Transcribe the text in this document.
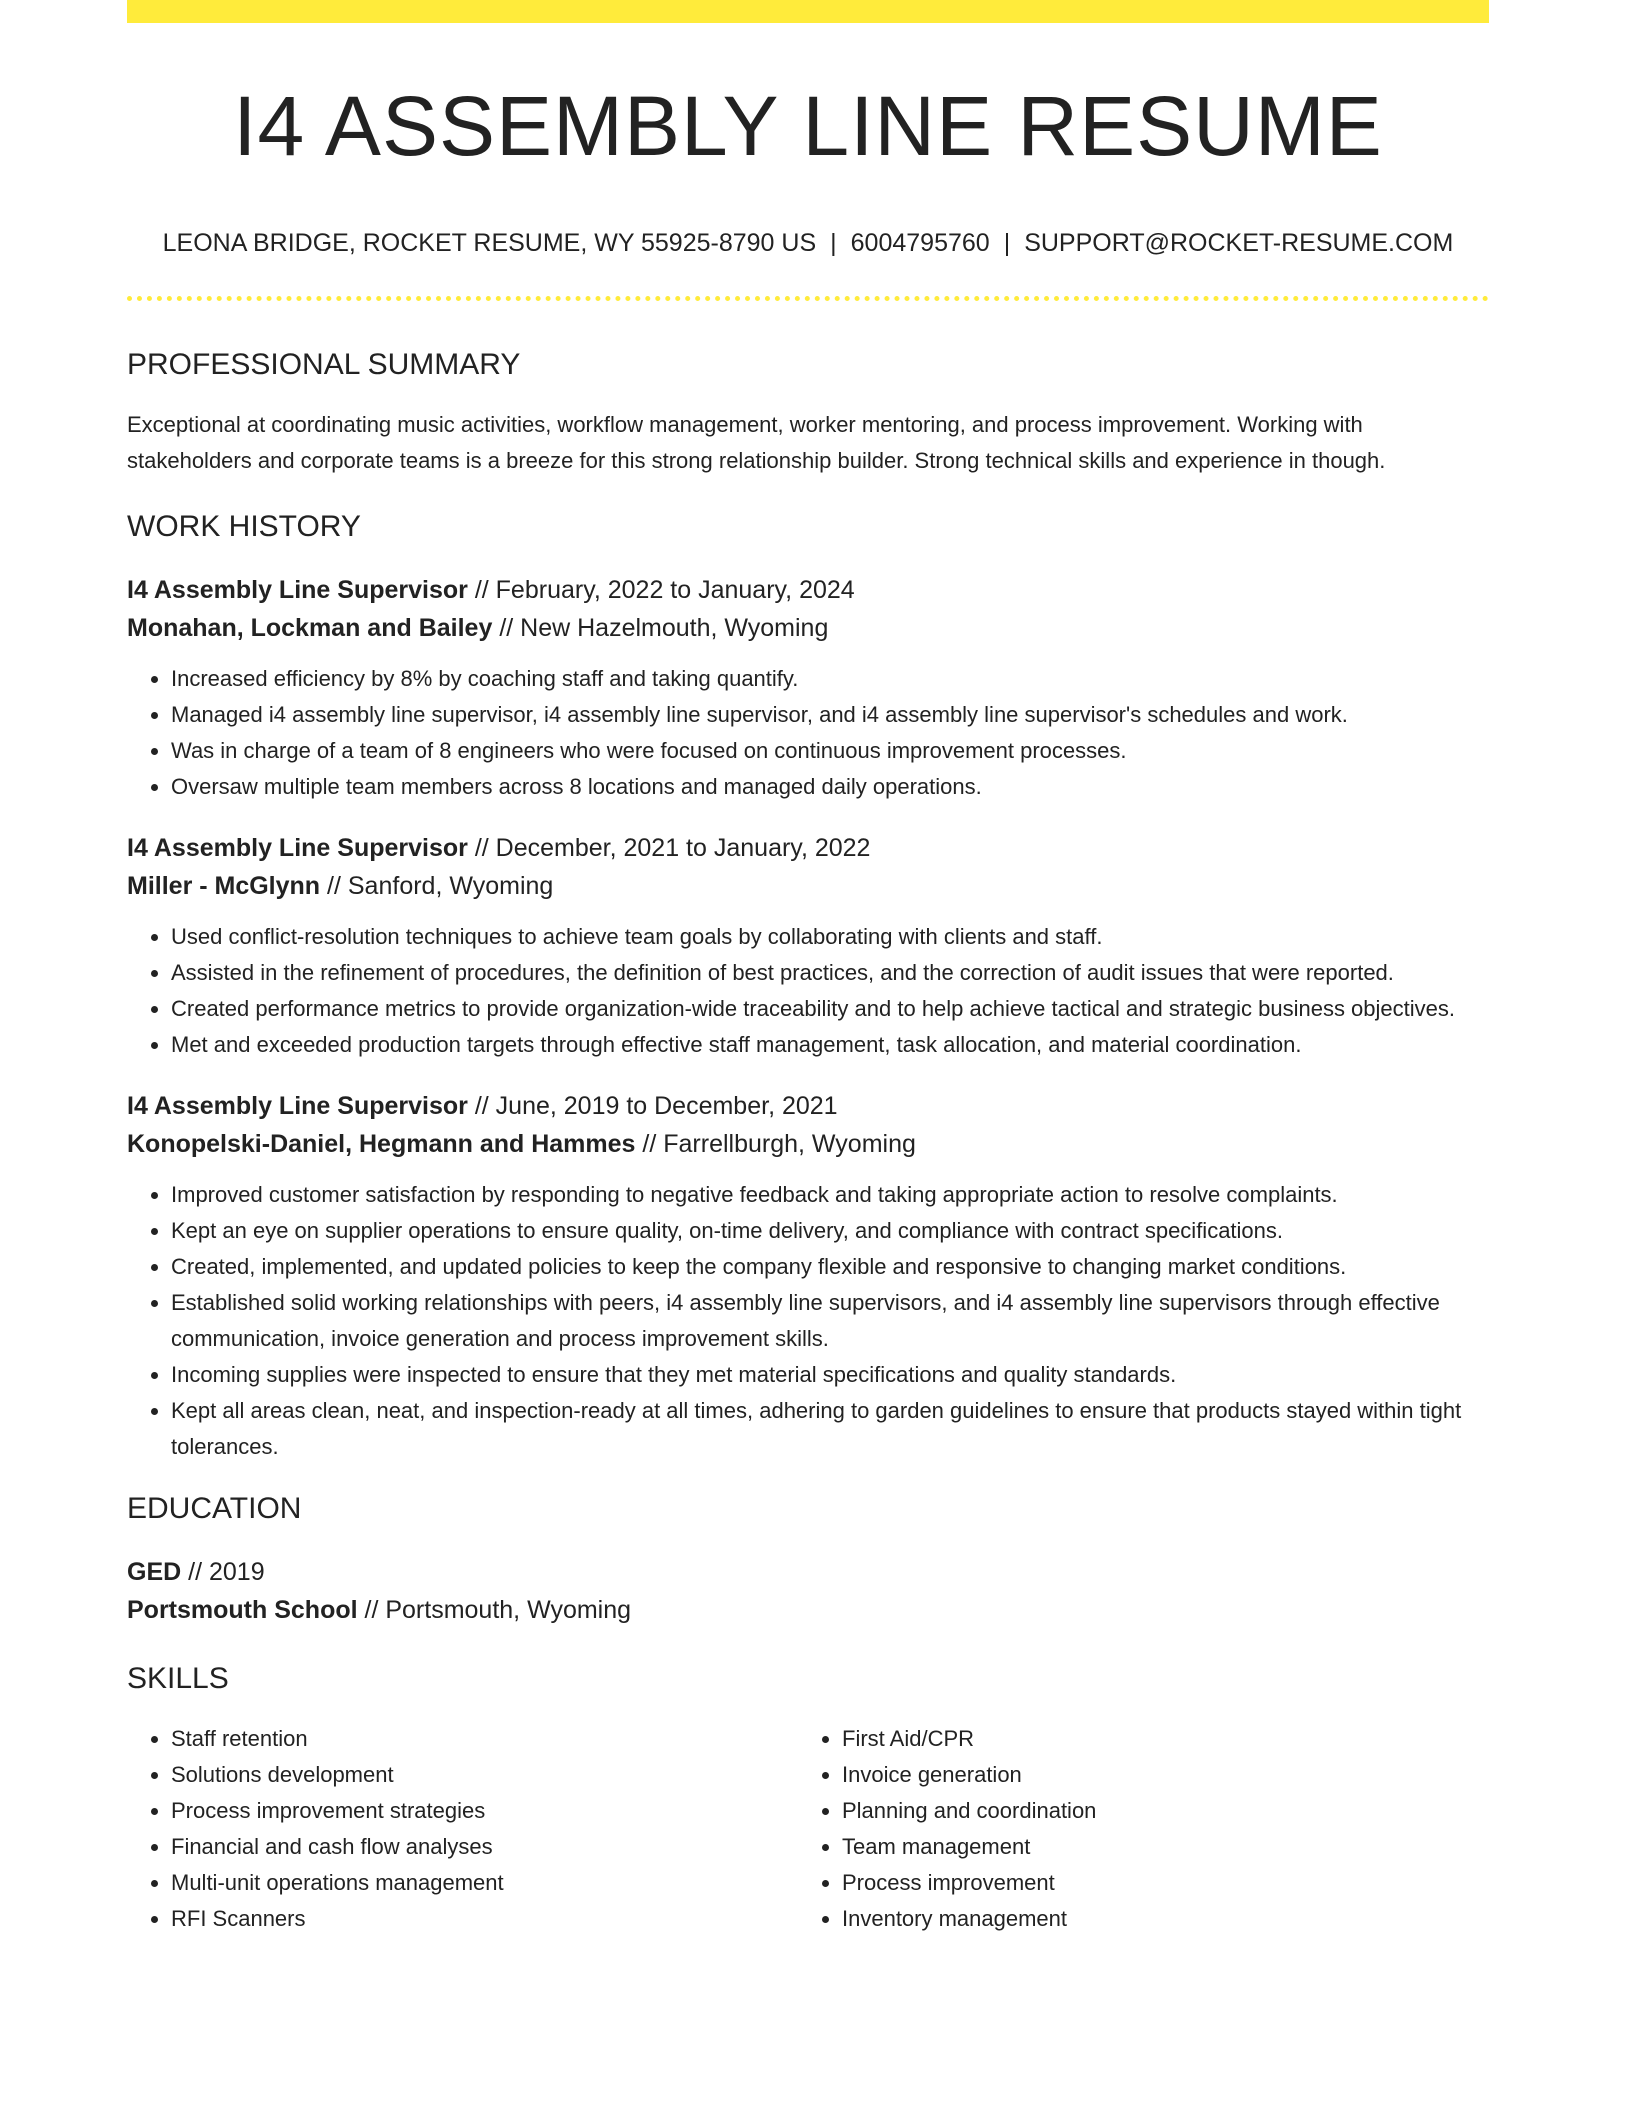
I4 ASSEMBLY LINE RESUME
LEONA BRIDGE, ROCKET RESUME, WY 55925-8790 US | 6004795760 | SUPPORT@ROCKET-RESUME.COM
PROFESSIONAL SUMMARY

Exceptional at coordinating music activities, workflow management, worker mentoring, and process improvement. Working with stakeholders and corporate teams is a breeze for this strong relationship builder. Strong technical skills and experience in though.

WORK HISTORY
I4 Assembly Line Supervisor // February, 2022 to January, 2024
Monahan, Lockman and Bailey // New Hazelmouth, Wyoming
• Increased efficiency by 8% by coaching staff and taking quantify.
• Managed i4 assembly line supervisor, i4 assembly line supervisor, and i4 assembly line supervisor's schedules and work.
• Was in charge of a team of 8 engineers who were focused on continuous improvement processes.
• Oversaw multiple team members across 8 locations and managed daily operations.
I4 Assembly Line Supervisor // December, 2021 to January, 2022
Miller - McGlynn // Sanford, Wyoming
• Used conflict-resolution techniques to achieve team goals by collaborating with clients and staff.
• Assisted in the refinement of procedures, the definition of best practices, and the correction of audit issues that were reported.
• Created performance metrics to provide organization-wide traceability and to help achieve tactical and strategic business objectives.
• Met and exceeded production targets through effective staff management, task allocation, and material coordination.
I4 Assembly Line Supervisor // June, 2019 to December, 2021
Konopelski-Daniel, Hegmann and Hammes // Farrellburgh, Wyoming
• Improved customer satisfaction by responding to negative feedback and taking appropriate action to resolve complaints.
• Kept an eye on supplier operations to ensure quality, on-time delivery, and compliance with contract specifications.
• Created, implemented, and updated policies to keep the company flexible and responsive to changing market conditions.
• Established solid working relationships with peers, i4 assembly line supervisors, and i4 assembly line supervisors through effective communication, invoice generation and process improvement skills.
• Incoming supplies were inspected to ensure that they met material specifications and quality standards.
• Kept all areas clean, neat, and inspection-ready at all times, adhering to garden guidelines to ensure that products stayed within tight tolerances.
EDUCATION
GED // 2019
Portsmouth School // Portsmouth, Wyoming
SKILLS
• Staff retention
• Solutions development
• Process improvement strategies
• Financial and cash flow analyses
• Multi-unit operations management
• RFI Scanners
• First Aid/CPR
• Invoice generation
• Planning and coordination
• Team management
• Process improvement
• Inventory management
